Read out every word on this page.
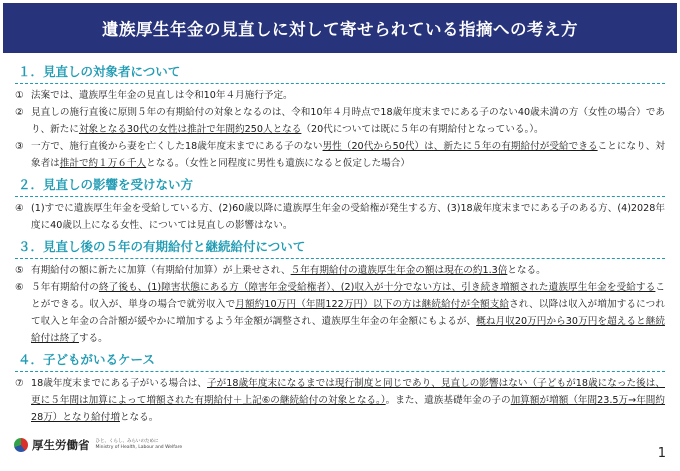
遺族厚生年金の見直しに対して寄せられている指摘への考え方
１．見直しの対象者について
① 法案では、遺族厚生年金の見直しは令和10年４月施行予定。
② 見直しの施行直後に原則５年の有期給付の対象となるのは、令和10年４月時点で18歳年度末までにある子のない40歳未満の方（女性の場合）であり、新たに対象となる30代の女性は推計で年間約250人となる（20代については既に５年の有期給付となっている。）。
③ 一方で、施行直後から妻を亡くした18歳年度末までにある子のない男性（20代から50代）は、新たに５年の有期給付が受給できることになり、対象者は推計で約１万６千人となる。（女性と同程度に男性も遺族になると仮定した場合）
２．見直しの影響を受けない方
④ (1)すでに遺族厚生年金を受給している方、(2)60歳以降に遺族厚生年金の受給権が発生する方、(3)18歳年度末までにある子のある方、(4)2028年度に40歳以上になる女性、については見直しの影響はない。
３．見直し後の５年の有期給付と継続給付について
⑤ 有期給付の額に新たに加算（有期給付加算）が上乗せされ、５年有期給付の遺族厚生年金の額は現在の約1.3倍となる。
⑥ ５年有期給付の終了後も、(1)障害状態にある方（障害年金受給権者）、(2)収入が十分でない方は、引き続き増額された遺族厚生年金を受給することができる。収入が、単身の場合で就労収入で月額約10万円（年間122万円）以下の方は継続給付が全額支給され、以降は収入が増加するにつれて収入と年金の合計額が緩やかに増加するよう年金額が調整され、遺族厚生年金の年金額にもよるが、概ね月収20万円から30万円を超えると継続給付は終了する。
４．子どもがいるケース
⑦ 18歳年度末までにある子がいる場合は、子が18歳年度末になるまでは現行制度と同じであり、見直しの影響はない（子どもが18歳になった後は、更に５年間は加算によって増額された有期給付＋上記⑥の継続給付の対象となる。）。また、遺族基礎年金の子の加算額が増額（年間23.5万→年間約28万）となり給付増となる。
厚生労働省 ひと、くらし、みらいのために
Ministry of Health, Labour and Welfare	1
